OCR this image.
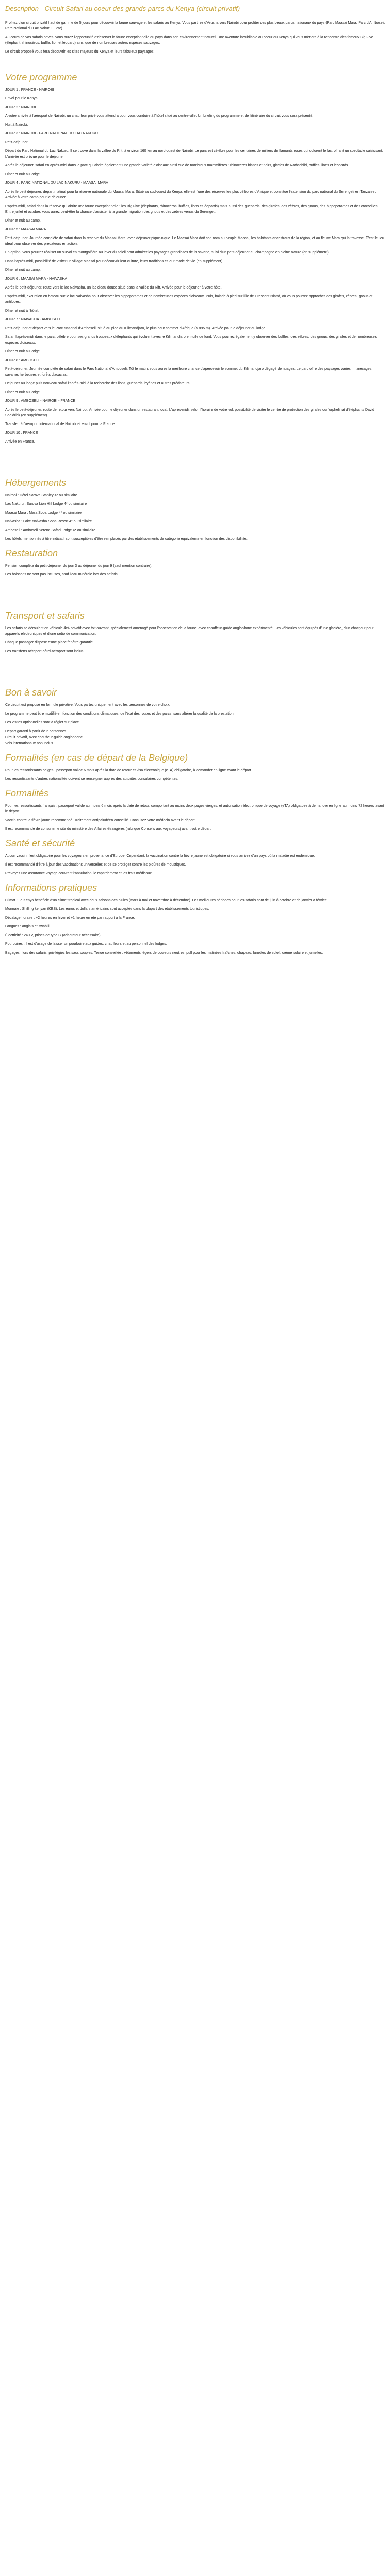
Description - Circuit Safari au coeur des grands parcs du Kenya (circuit privatif)

Profitez d'un circuit privatif haut de gamme de 5 jours pour découvrir la faune sauvage et les safaris au Kenya. Vous partirez d'Arusha vers Nairobi pour profiter des plus beaux parcs nationaux du pays (Parc Maasai Mara, Parc d'Amboseli, Parc National du Lac Nakuru ... etc).

Au cours de vos safaris privés, vous aurez l'opportunité d'observer la faune exceptionnelle du pays dans son environnement naturel. Une aventure inoubliable au coeur du Kenya qui vous mènera à la rencontre des fameux Big Five (éléphant, rhinocéros, buffle, lion et léopard) ainsi que de nombreuses autres espèces sauvages.

Le circuit proposé vous fera découvrir les sites majeurs du Kenya et leurs fabuleux paysages.

Votre programme
JOUR 1 : FRANCE - NAIROBI
Envol pour le Kenya
JOUR 2 : NAIROBI

A votre arrivée à l'aéroport de Nairobi, un chauffeur privé vous attendra pour vous conduire à l'hôtel situé au centre-ville. Un briefing du programme et de l'itinéraire du circuit vous sera présenté.

Nuit à Nairobi.

JOUR 3 : NAIROBI - PARC NATIONAL DU LAC NAKURU
Petit-déjeuner.

Départ du Parc National du Lac Nakuru. Il se trouve dans la vallée du Rift, à environ 160 km au nord-ouest de Nairobi. Le parc est célèbre pour les centaines de milliers de flamants roses qui colorent le lac, offrant un spectacle saisissant. L'arrivée est prévue pour le déjeuner.

Après le déjeuner, safari en après-midi dans le parc qui abrite également une grande variété d'oiseaux ainsi que de nombreux mammifères : rhinocéros blancs et noirs, girafes de Rothschild, buffles, lions et léopards.

Dîner et nuit au lodge.

JOUR 4 : PARC NATIONAL DU LAC NAKURU - MAASAI MARA

Après le petit déjeuner, départ matinal pour la réserve nationale du Maasai Mara. Situé au sud-ouest du Kenya, elle est l'une des réserves les plus célèbres d'Afrique et constitue l'extension du parc national du Serengeti en Tanzanie. Arrivée à votre camp pour le déjeuner.

L'après-midi, safari dans la réserve qui abrite une faune exceptionnelle : les Big Five (éléphants, rhinocéros, buffles, lions et léopards) mais aussi des guépards, des girafes, des zèbres, des gnous, des hippopotames et des crocodiles. Entre juillet et octobre, vous aurez peut-être la chance d'assister à la grande migration des gnous et des zèbres venus du Serengeti.

Dîner et nuit au camp.

JOUR 5 : MAASAI MARA

Petit-déjeuner. Journée complète de safari dans la réserve du Maasai Mara, avec déjeuner pique-nique. Le Maasai Mara doit son nom au peuple Maasai, les habitants ancestraux de la région, et au fleuve Mara qui la traverse. C'est le lieu idéal pour observer des prédateurs en action.

En option, vous pourrez réaliser un survol en montgolfière au lever du soleil pour admirer les paysages grandioses de la savane, suivi d'un petit-déjeuner au champagne en pleine nature (en supplément).

Dans l'après-midi, possibilité de visiter un village Maasai pour découvrir leur culture, leurs traditions et leur mode de vie (en supplément).

Dîner et nuit au camp.

JOUR 6 : MAASAI MARA - NAIVASHA

Après le petit-déjeuner, route vers le lac Naivasha, un lac d'eau douce situé dans la vallée du Rift. Arrivée pour le déjeuner à votre hôtel.

L'après-midi, excursion en bateau sur le lac Naivasha pour observer les hippopotames et de nombreuses espèces d'oiseaux. Puis, balade à pied sur l'île de Crescent Island, où vous pourrez approcher des girafes, zèbres, gnous et antilopes.

Dîner et nuit à l'hôtel.

JOUR 7 : NAIVASHA - AMBOSELI

Petit-déjeuner et départ vers le Parc National d'Amboseli, situé au pied du Kilimandjaro, le plus haut sommet d'Afrique (5 895 m). Arrivée pour le déjeuner au lodge.

Safari l'après-midi dans le parc, célèbre pour ses grands troupeaux d'éléphants qui évoluent avec le Kilimandjaro en toile de fond. Vous pourrez également y observer des buffles, des zèbres, des gnous, des girafes et de nombreuses espèces d'oiseaux.

Dîner et nuit au lodge.

JOUR 8 : AMBOSELI

Petit-déjeuner. Journée complète de safari dans le Parc National d'Amboseli. Tôt le matin, vous aurez la meilleure chance d'apercevoir le sommet du Kilimandjaro dégagé de nuages. Le parc offre des paysages variés : marécages, savanes herbeuses et forêts d'acacias.

Déjeuner au lodge puis nouveau safari l'après-midi à la recherche des lions, guépards, hyènes et autres prédateurs.

Dîner et nuit au lodge.

JOUR 9 : AMBOSELI - NAIROBI - FRANCE

Après le petit-déjeuner, route de retour vers Nairobi. Arrivée pour le déjeuner dans un restaurant local. L'après-midi, selon l'horaire de votre vol, possibilité de visiter le centre de protection des girafes ou l'orphelinat d'éléphants David Sheldrick (en supplément).

Transfert à l'aéroport international de Nairobi et envol pour la France.

JOUR 10 : FRANCE
Arrivée en France.
Hébergements

Nairobi : Hôtel Sarova Stanley 4* ou similaire

Lac Nakuru : Sarova Lion Hill Lodge 4* ou similaire

Maasai Mara : Mara Sopa Lodge 4* ou similaire

Naivasha : Lake Naivasha Sopa Resort 4* ou similaire

Amboseli : Amboseli Serena Safari Lodge 4* ou similaire

Les hôtels mentionnés à titre indicatif sont susceptibles d'être remplacés par des établissements de catégorie équivalente en fonction des disponibilités.

Restauration

Pension complète du petit-déjeuner du jour 3 au déjeuner du jour 9 (sauf mention contraire).

Les boissons ne sont pas incluses, sauf l'eau minérale lors des safaris.

Transport et safaris

Les safaris se déroulent en véhicule 4x4 privatif avec toit ouvrant, spécialement aménagé pour l'observation de la faune, avec chauffeur-guide anglophone expérimenté. Les véhicules sont équipés d'une glacière, d'un chargeur pour appareils électroniques et d'une radio de communication.

Chaque passager dispose d'une place fenêtre garantie.

Les transferts aéroport-hôtel-aéroport sont inclus.

Bon à savoir

Ce circuit est proposé en formule privative. Vous partez uniquement avec les personnes de votre choix.

Le programme peut être modifié en fonction des conditions climatiques, de l'état des routes et des parcs, sans altérer la qualité de la prestation.

Les visites optionnelles sont à régler sur place.

Départ garanti à partir de 2 personnes
Circuit privatif, avec chauffeur-guide anglophone
Vols internationaux non inclus
Formalités (en cas de départ de la Belgique)

Pour les ressortissants belges : passeport valide 6 mois après la date de retour et visa électronique (eTA) obligatoire, à demander en ligne avant le départ.

Les ressortissants d'autres nationalités doivent se renseigner auprès des autorités consulaires compétentes.

Formalités

Pour les ressortissants français : passeport valide au moins 6 mois après la date de retour, comportant au moins deux pages vierges, et autorisation électronique de voyage (eTA) obligatoire à demander en ligne au moins 72 heures avant le départ.

Vaccin contre la fièvre jaune recommandé. Traitement antipaludéen conseillé. Consultez votre médecin avant le départ.

Il est recommandé de consulter le site du ministère des Affaires étrangères (rubrique Conseils aux voyageurs) avant votre départ.

Santé et sécurité

Aucun vaccin n'est obligatoire pour les voyageurs en provenance d'Europe. Cependant, la vaccination contre la fièvre jaune est obligatoire si vous arrivez d'un pays où la maladie est endémique.

Il est recommandé d'être à jour des vaccinations universelles et de se protéger contre les piqûres de moustiques.

Prévoyez une assurance voyage couvrant l'annulation, le rapatriement et les frais médicaux.

Informations pratiques

Climat : Le Kenya bénéficie d'un climat tropical avec deux saisons des pluies (mars à mai et novembre à décembre). Les meilleures périodes pour les safaris sont de juin à octobre et de janvier à février.

Monnaie : Shilling kenyan (KES). Les euros et dollars américains sont acceptés dans la plupart des établissements touristiques.

Décalage horaire : +2 heures en hiver et +1 heure en été par rapport à la France.

Langues : anglais et swahili.

Électricité : 240 V, prises de type G (adaptateur nécessaire).

Pourboires : il est d'usage de laisser un pourboire aux guides, chauffeurs et au personnel des lodges.

Bagages : lors des safaris, privilégiez les sacs souples. Tenue conseillée : vêtements légers de couleurs neutres, pull pour les matinées fraîches, chapeau, lunettes de soleil, crème solaire et jumelles.
